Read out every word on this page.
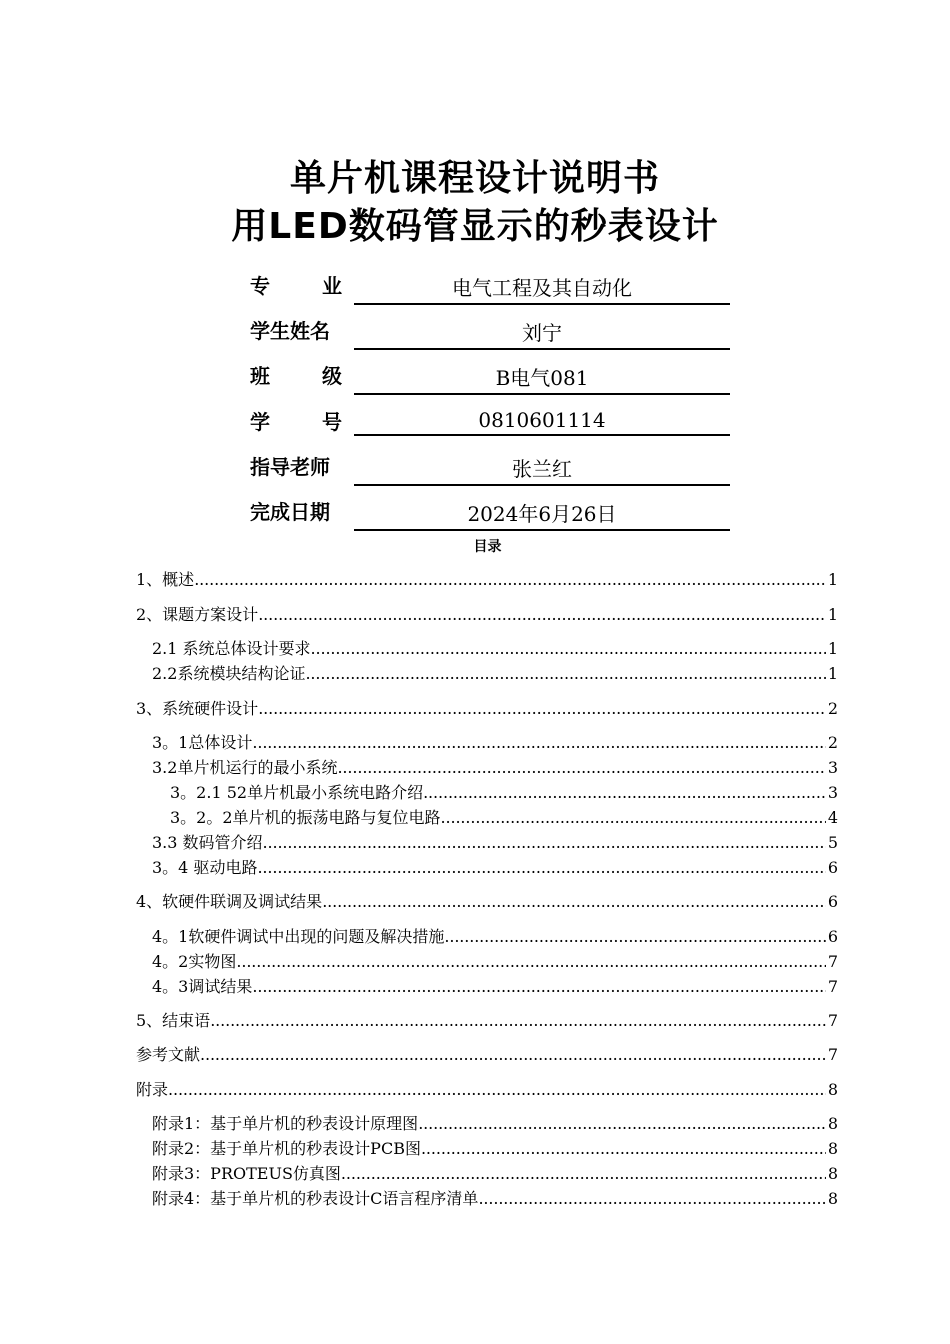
单片机课程设计说明书
用LED数码管显示的秒表设计
专	业	电气工程及其自动化
学生姓名	刘宁
班	级	B电气081
学	号	0810601114
指导老师	张兰红
完成日期	2024年6月26日
目录
1、概述 . . .	1
2、课题方案设计 . . .	1
2.1 系统总体设计要求 . . .	1
2.2系统模块结构论证 . . .	1
3、系统硬件设计 . . .	2
3。1总体设计 . . .	2
3.2单片机运行的最小系统 . . .	3
3。2.1 52单片机最小系统电路介绍 . . .	3
3。2。2单片机的振荡电路与复位电路 . . .	4
3.3 数码管介绍 . . .	5
3。4 驱动电路 . . .	6
4、软硬件联调及调试结果 . . .	6
4。1软硬件调试中出现的问题及解决措施 . . .	6
4。2实物图 . . .	7
4。3调试结果 . . .	7
5、结束语 . . .	7
参考文献 . . .	7
附录 . . .	8
附录1：基于单片机的秒表设计原理图 . . .	8
附录2：基于单片机的秒表设计PCB图 . . .	8
附录3：PROTEUS仿真图 . . .	8
附录4：基于单片机的秒表设计C语言程序清单 . . .	8
